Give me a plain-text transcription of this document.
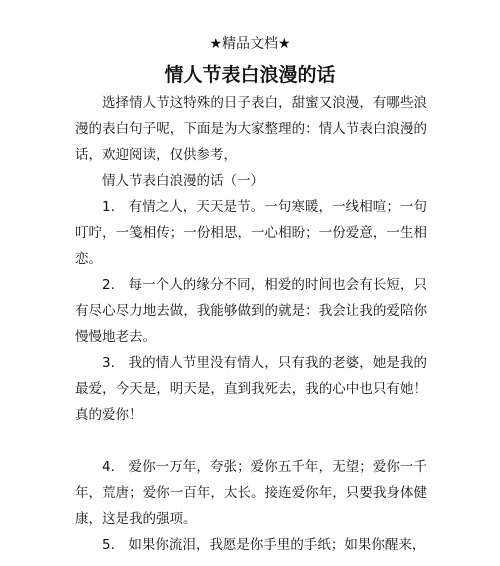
★精品文档★
情人节表白浪漫的话

选择情人节这特殊的日子表白，甜蜜又浪漫，有哪些浪漫的表白句子呢，下面是为大家整理的：情人节表白浪漫的话，欢迎阅读，仅供参考，

情人节表白浪漫的话（一）

1.　有情之人，天天是节。一句寒暖，一线相喧；一句叮咛，一笺相传；一份相思，一心相盼；一份爱意，一生相恋。

2.　每一个人的缘分不同，相爱的时间也会有长短，只有尽心尽力地去做，我能够做到的就是：我会让我的爱陪你慢慢地老去。

3.　我的情人节里没有情人，只有我的老婆，她是我的最爱，今天是，明天是，直到我死去，我的心中也只有她！真的爱你！

4.　爱你一万年，夸张；爱你五千年，无望；爱你一千年，荒唐；爱你一百年，太长。接连爱你年，只要我身体健康，这是我的强项。

5.　如果你流泪，我愿是你手里的手纸；如果你醒来，
